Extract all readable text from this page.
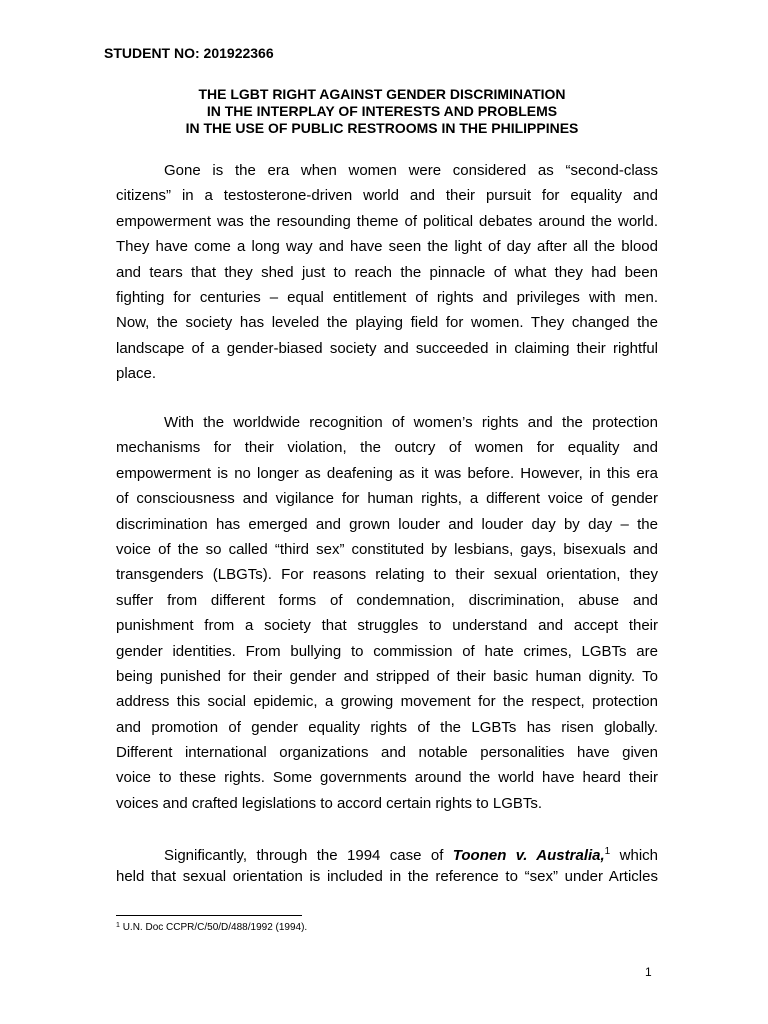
STUDENT NO: 201922366
THE LGBT RIGHT AGAINST GENDER DISCRIMINATION
IN THE INTERPLAY OF INTERESTS AND PROBLEMS
IN THE USE OF PUBLIC RESTROOMS IN THE PHILIPPINES
Gone is the era when women were considered as “second-class
citizens” in a testosterone-driven world and their pursuit for equality and
empowerment was the resounding theme of political debates around the world.
They have come a long way and have seen the light of day after all the blood
and tears that they shed just to reach the pinnacle of what they had been
fighting for centuries – equal entitlement of rights and privileges with men.
Now, the society has leveled the playing field for women. They changed the
landscape of a gender-biased society and succeeded in claiming their rightful
place.
With the worldwide recognition of women’s rights and the protection
mechanisms for their violation, the outcry of women for equality and
empowerment is no longer as deafening as it was before. However, in this era
of consciousness and vigilance for human rights, a different voice of gender
discrimination has emerged and grown louder and louder day by day – the
voice of the so called “third sex” constituted by lesbians, gays, bisexuals and
transgenders (LBGTs). For reasons relating to their sexual orientation, they
suffer from different forms of condemnation, discrimination, abuse and
punishment from a society that struggles to understand and accept their
gender identities. From bullying to commission of hate crimes, LGBTs are
being punished for their gender and stripped of their basic human dignity. To
address this social epidemic, a growing movement for the respect, protection
and promotion of gender equality rights of the LGBTs has risen globally.
Different international organizations and notable personalities have given
voice to these rights. Some governments around the world have heard their
voices and crafted legislations to accord certain rights to LGBTs.
Significantly, through the 1994 case of Toonen v. Australia,$^1$ which
held that sexual orientation is included in the reference to “sex” under Articles
$^1$ U.N. Doc CCPR/C/50/D/488/1992 (1994).
1
